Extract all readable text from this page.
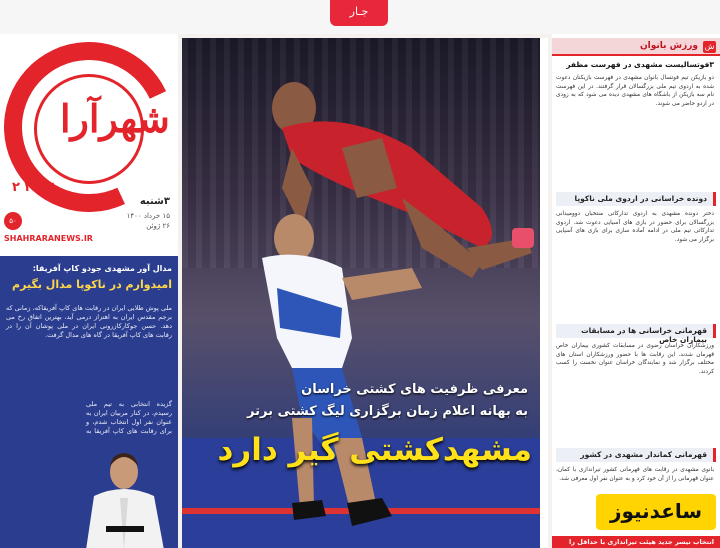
جـار
شهرآرا
۲ ۳ ۴ ۱
۳شنبه
۱۵ خرداد ۱۴۰۰
۲۶ ژوئن
۵۰
SHAHRARANEWS.IR
مدال آور مشهدی جودو کاپ آفریقا:
امیدوارم در ناکوپا مدال بگیرم
ملی پوش طلایی ایران در رقابت های کاپ آفریقاکه، زمانی که برجم مقدس ایران به اهتزاز درمی آید، بهترین اتفاق رخ می دهد. حسن جوکارکازرونی ایران در ملی پوشان آن را در رقابت های کاپ آفریقا در گاه های مدال گرفت.
گزیده انتخابی به تیم ملی رسیدم، در کنار مربیان ایران به عنوان نفر اول انتخاب شدم، و برای رقابت های کاپ آفریقا به
معرفی ظرفیت های کشتی خراسان
به بهانه اعلام زمان برگزاری لیگ کشتی برتر
مشهدکشتی گیر دارد
ش
ورزش بانوان
۳فوتسالیست مشهدی در فهرست مظفر
دو بازیکن تیم فوتسال بانوان مشهدی در فهرست بازیکنان دعوت شده به اردوی تیم ملی بزرگسالان قرار گرفتند. در این فهرست نام سه بازیکن از باشگاه های مشهدی دیده می شود که به زودی در اردو حاضر می شوند.
دونده خراسانی در اردوی ملی ناکوپا
دختر دونده مشهدی به اردوی تدارکاتی منتخبان دوومیدانی بزرگسالان برای حضور در بازی های آسیایی دعوت شد. اردوی تدارکاتی تیم ملی در ادامه آماده سازی برای بازی های آسیایی برگزار می شود.
قهرمانی خراسانی ها در مسابقات بیماران خاص
ورزشکاران خراسان رضوی در مسابقات کشوری بیماران خاص قهرمان شدند. این رقابت ها با حضور ورزشکاران استان های مختلف برگزار شد و نمایندگان خراسان عنوان نخست را کسب کردند.
قهرمانی کماندار مشهدی در کشور
بانوی مشهدی در رقابت های قهرمانی کشور تیراندازی با کمان، عنوان قهرمانی را از آن خود کرد و به عنوان نفر اول معرفی شد.
ساعدنیوز
انتخاب نیسر جدید هیئت تیراندازی با حداقل را
